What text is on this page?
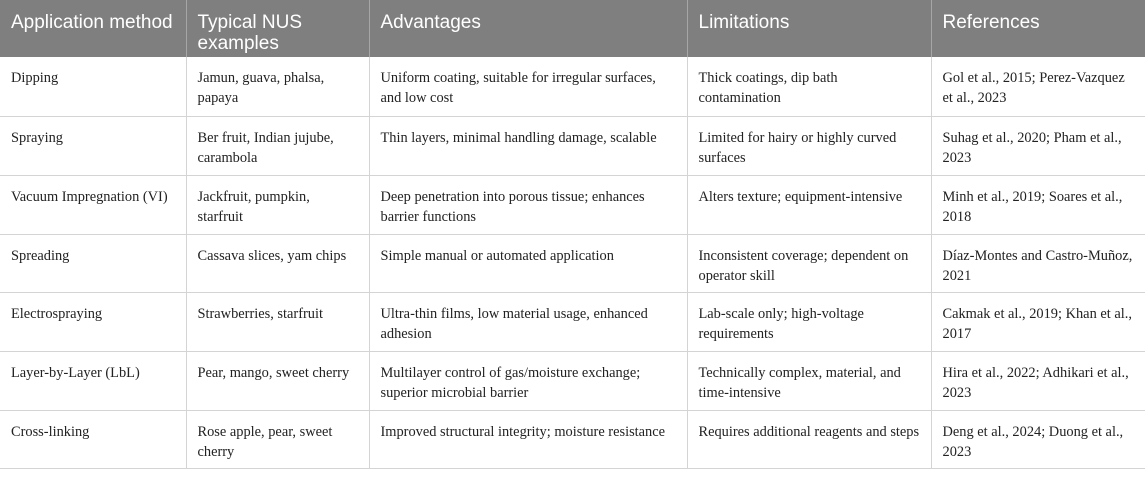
Application method	Typical NUS examples	Advantages	Limitations	References
Dipping	Jamun, guava, phalsa, papaya	Uniform coating, suitable for irregular surfaces, and low cost	Thick coatings, dip bath contamination	Gol et al., 2015; Perez-Vazquez et al., 2023
Spraying	Ber fruit, Indian jujube, carambola	Thin layers, minimal handling damage, scalable	Limited for hairy or highly curved surfaces	Suhag et al., 2020; Pham et al., 2023
Vacuum Impregnation (VI)	Jackfruit, pumpkin, starfruit	Deep penetration into porous tissue; enhances barrier functions	Alters texture; equipment-intensive	Minh et al., 2019; Soares et al., 2018
Spreading	Cassava slices, yam chips	Simple manual or automated application	Inconsistent coverage; dependent on operator skill	Díaz-Montes and Castro-Muñoz, 2021
Electrospraying	Strawberries, starfruit	Ultra-thin films, low material usage, enhanced adhesion	Lab-scale only; high-voltage requirements	Cakmak et al., 2019; Khan et al., 2017
Layer-by-Layer (LbL)	Pear, mango, sweet cherry	Multilayer control of gas/moisture exchange; superior microbial barrier	Technically complex, material, and time-intensive	Hira et al., 2022; Adhikari et al., 2023
Cross-linking	Rose apple, pear, sweet cherry	Improved structural integrity; moisture resistance	Requires additional reagents and steps	Deng et al., 2024; Duong et al., 2023
